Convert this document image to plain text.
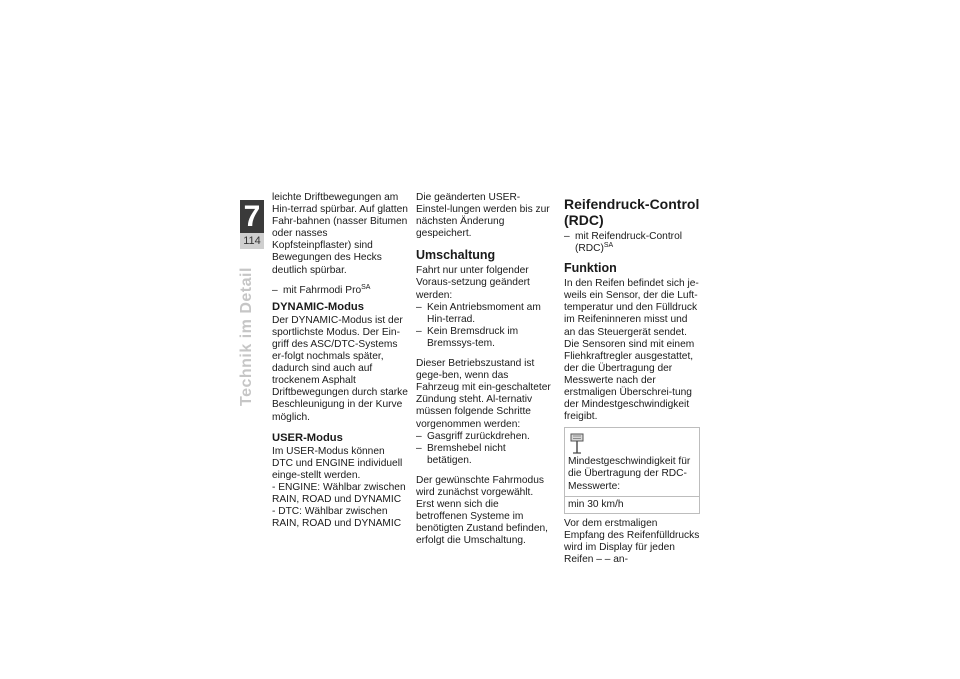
7
114
Technik im Detail

leichte Driftbewegungen am Hin-terrad spürbar. Auf glatten Fahr-bahnen (nasser Bitumen oder nasses Kopfsteinpflaster) sind Bewegungen des Hecks deutlich spürbar.

– mit Fahrmodi Pro$^{SA}$

DYNAMIC-Modus

Der DYNAMIC-Modus ist der sportlichste Modus. Der Ein-griff des ASC/DTC-Systems er-folgt nochmals später, dadurch sind auch auf trockenem Asphalt Driftbewegungen durch starke Beschleunigung in der Kurve möglich.

USER-Modus

Im USER-Modus können DTC und ENGINE individuell einge-stellt werden.
- ENGINE: Wählbar zwischen RAIN, ROAD und DYNAMIC
- DTC: Wählbar zwischen RAIN, ROAD und DYNAMIC

Die geänderten USER-Einstel-lungen werden bis zur nächsten Änderung gespeichert.

Umschaltung

Fahrt nur unter folgender Voraus-setzung geändert werden:

– Kein Antriebsmoment am Hin-terrad.

– Kein Bremsdruck im Bremssys-tem.

Dieser Betriebszustand ist gege-ben, wenn das Fahrzeug mit ein-geschalteter Zündung steht. Al-ternativ müssen folgende Schritte vorgenommen werden:

– Gasgriff zurückdrehen.

– Bremshebel nicht betätigen.

Der gewünschte Fahrmodus wird zunächst vorgewählt. Erst wenn sich die betroffenen Systeme im benötigten Zustand befinden, erfolgt die Umschaltung.

Reifendruck-Control (RDC)

– mit Reifendruck-Control (RDC)$^{SA}$

Funktion

In den Reifen befindet sich je-weils ein Sensor, der die Luft-temperatur und den Fülldruck im Reifeninneren misst und an das Steuergerät sendet.

Die Sensoren sind mit einem Fliehkraftregler ausgestattet, der die Übertragung der Messwerte nach der erstmaligen Überschrei-tung der Mindestgeschwindigkeit freigibt.

Mindestgeschwindigkeit für die Übertragung der RDC-Messwerte:
min 30 km/h

Vor dem erstmaligen Empfang des Reifenfülldrucks wird im Display für jeden Reifen – – an-
